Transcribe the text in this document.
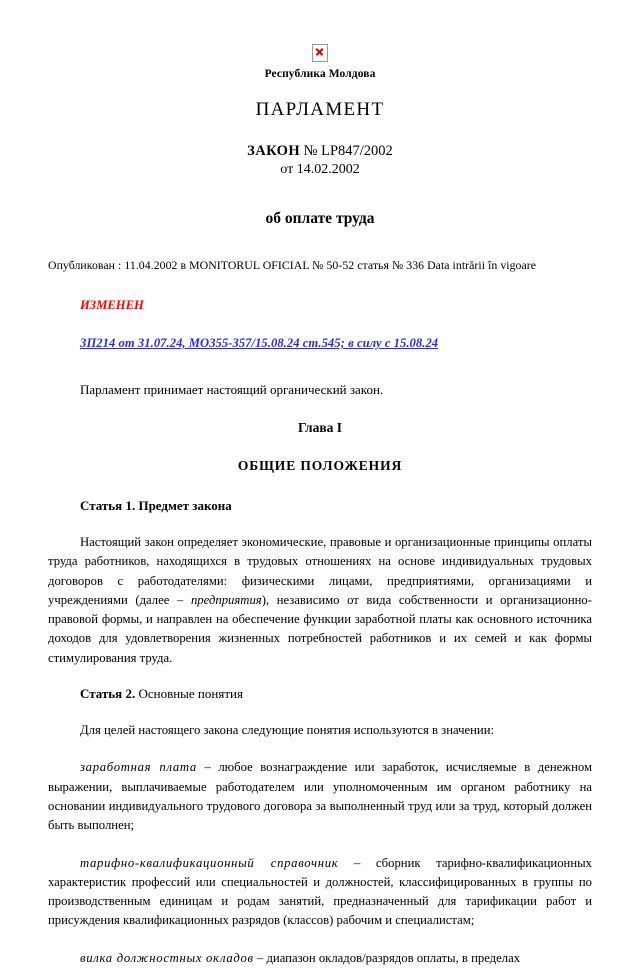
Республика Молдова
ПАРЛАМЕНТ
ЗАКОН № LP847/2002
от 14.02.2002
об оплате труда
Опубликован : 11.04.2002 в MONITORUL OFICIAL № 50-52 статья № 336 Data intrării în vigoare
ИЗМЕНЕН
ЗП214 от 31.07.24, МО355-357/15.08.24 ст.545; в силу с 15.08.24
Парламент принимает настоящий органический закон.
Глава I
ОБЩИЕ ПОЛОЖЕНИЯ
Статья 1. Предмет закона

Настоящий закон определяет экономические, правовые и организационные принципы оплаты труда работников, находящихся в трудовых отношениях на основе индивидуальных трудовых договоров с работодателями: физическими лицами, предприятиями, организациями и учреждениями (далее – предприятия), независимо от вида собственности и организационно-правовой формы, и направлен на обеспечение функции заработной платы как основного источника доходов для удовлетворения жизненных потребностей работников и их семей и как формы стимулирования труда.

Статья 2. Основные понятия

Для целей настоящего закона следующие понятия используются в значении:

заработная плата – любое вознаграждение или заработок, исчисляемые в денежном выражении, выплачиваемые работодателем или уполномоченным им органом работнику на основании индивидуального трудового договора за выполненный труд или за труд, который должен быть выполнен;

тарифно-квалификационный справочник – сборник тарифно-квалификационных характеристик профессий или специальностей и должностей, классифицированных в группы по производственным единицам и родам занятий, предназначенный для тарификации работ и присуждения квалификационных разрядов (классов) рабочим и специалистам;

вилка должностных окладов – диапазон окладов/разрядов оплаты, в пределах
